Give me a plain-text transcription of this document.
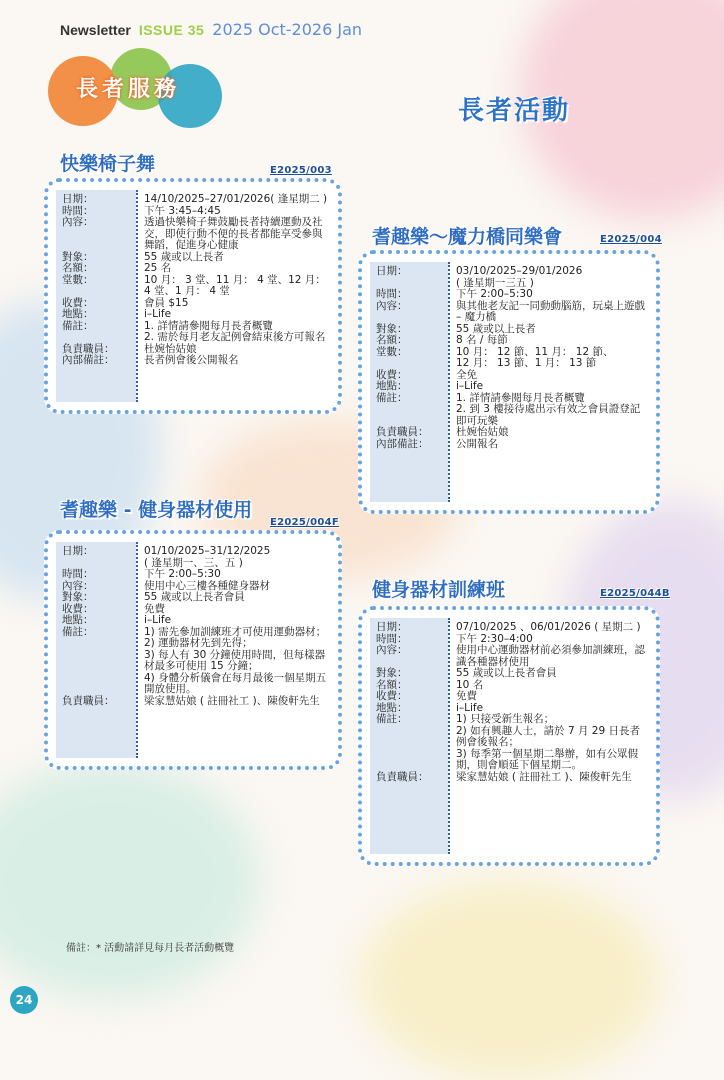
Newsletter ISSUE 35 2025 Oct-2026 Jan
長者服務
長者活動
快樂椅子舞	E2025/003
日期：	14/10/2025–27/01/2026( 逢星期二 )
時間：	下午 3:45–4:45
內容：	透過快樂椅子舞鼓勵長者持續運動及社交，即使行動不便的長者都能享受參與舞蹈，促進身心健康
對象：	55 歲或以上長者
名額：	25 名
堂數：	10 月： 3 堂、11 月： 4 堂、12 月： 4 堂、1 月： 4 堂
收費：	會員 $15
地點：	i–Life
備註：	1. 詳情請參閱每月長者概覽
2. 需於每月老友記例會結束後方可報名
負責職員：	杜婉怡姑娘
內部備註：	長者例會後公開報名
耆趣樂～魔力橋同樂會	E2025/004
日期：	03/10/2025–29/01/2026
( 逢星期一三五 )
時間：	下午 2:00–5:30
內容：	與其他老友記一同動動腦筋，玩桌上遊戲 – 魔力橋
對象：	55 歲或以上長者
名額：	8 名 / 每節
堂數：	10 月： 12 節、11 月： 12 節、
12 月： 13 節、1 月： 13 節
收費：	全免
地點：	i–Life
備註：	1. 詳情請參閱每月長者概覽
2. 到 3 樓接待處出示有效之會員證登記即可玩樂
負責職員：	杜婉怡姑娘
內部備註：	公開報名
耆趣樂 - 健身器材使用
E2025/004F
日期：	01/10/2025–31/12/2025
( 逢星期一、三、五 )
時間：	下午 2:00–5:30
內容：	使用中心三樓各種健身器材
對象：	55 歲或以上長者會員
收費：	免費
地點：	i–Life
備註：	1) 需先參加訓練班才可使用運動器材；
2) 運動器材先到先得；
3) 每人有 30 分鐘使用時間，但每樣器材最多可使用 15 分鐘；
4) 身體分析儀會在每月最後一個星期五開放使用。
負責職員：	梁家慧姑娘 ( 註冊社工 )、陳俊軒先生
健身器材訓練班	E2025/044B
日期：	07/10/2025 、06/01/2026 ( 星期二 )
時間：	下午 2:30–4:00
內容：	使用中心運動器材前必須參加訓練班，認識各種器材使用
對象：	55 歲或以上長者會員
名額：	10 名
收費：	免費
地點：	i–Life
備註：	1) 只接受新生報名；
2) 如有興趣人士，請於 7 月 29 日長者例會後報名；
3) 每季第一個星期二舉辦，如有公眾假期，則會順延下個星期二。
負責職員：	梁家慧姑娘 ( 註冊社工 )、陳俊軒先生
備註：* 活動請詳見每月長者活動概覽
24
